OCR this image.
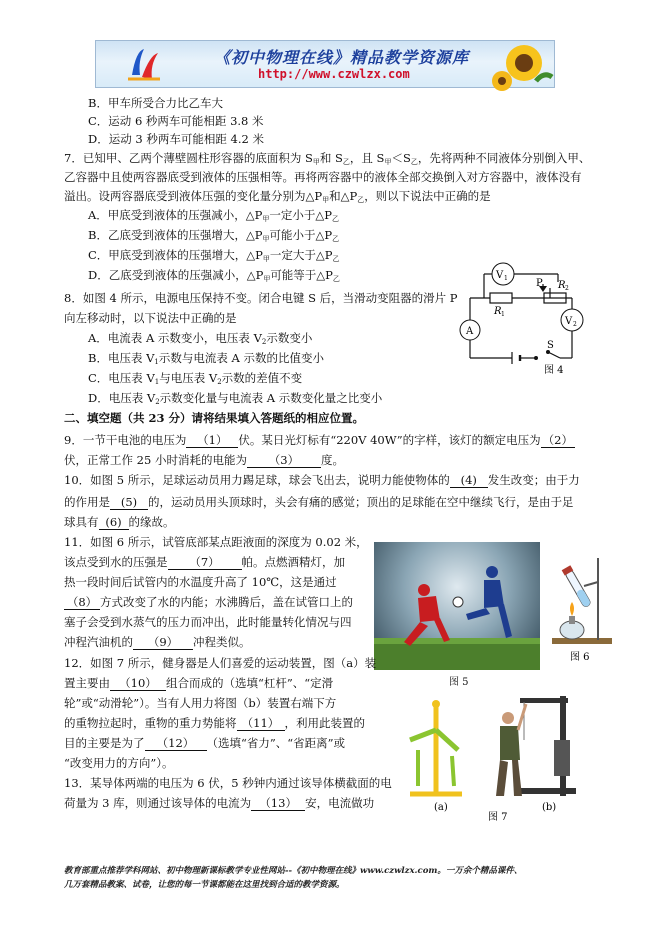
《初中物理在线》精品教学资源库
http://www.czwlzx.com
B．甲车所受合力比乙车大
C．运动 6 秒两车可能相距 3.8 米
D．运动 3 秒两车可能相距 4.2 米
7．已知甲、乙两个薄壁圆柱形容器的底面积为 $S_甲$和 $S_乙$，且 $S_甲<S_乙$，先将两种不同液体分别倒入甲、
乙容器中且使两容器底受到液体的压强相等。再将两容器中的液体全部交换倒入对方容器中，液体没有
溢出。设两容器底受到液体压强的变化量分别为$\triangle P_甲$和$\triangle P_乙$，则以下说法中正确的是
A．甲底受到液体的压强减小，$\triangle P_甲$一定小于$\triangle P_乙$
B．乙底受到液体的压强增大，$\triangle P_甲$可能小于$\triangle P_乙$
C．甲底受到液体的压强增大，$\triangle P_甲$一定大于$\triangle P_乙$
D．乙底受到液体的压强减小，$\triangle P_甲$可能等于$\triangle P_乙$
8．如图 4 所示，电源电压保持不变。闭合电键 S 后，当滑动变阻器的滑片 P
向左移动时，以下说法中正确的是
A．电流表 A 示数变小，电压表 $V_2$示数变小
B．电压表 $V_1$示数与电流表 A 示数的比值变小
C．电压表 $V_1$与电压表 $V_2$示数的差值不变
D．电压表 $V_2$示数变化量与电流表 A 示数变化量之比变小
V 1
V 2
A
R 1
R 2
P
S
图 4
二、填空题（共 23 分）请将结果填入答题纸的相应位置。
9．一节干电池的电压为 （1） 伏。某日光灯标有“220V 40W”的字样，该灯的额定电压为 （2）
伏，正常工作 25 小时消耗的电能为 （3） 度。
10．如图 5 所示，足球运动员用力踢足球，球会飞出去，说明力能使物体的 (4) 发生改变；由于力
的作用是 (5) 的，运动员用头顶球时，头会有痛的感觉；顶出的足球能在空中继续飞行，是由于足
球具有 (6) 的缘故。
11．如图 6 所示，试管底部某点距液面的深度为 0.02 米，
该点受到水的压强是 （7） 帕。点燃酒精灯，加
热一段时间后试管内的水温度升高了 10℃，这是通过
（8） 方式改变了水的内能；水沸腾后，盖在试管口上的
塞子会受到水蒸气的压力而冲出，此时能量转化情况与四
冲程汽油机的 （9） 冲程类似。
图 5
图 6
12．如图 7 所示，健身器是人们喜爱的运动装置，图（a）装
置主要由 （10） 组合而成的（选填“杠杆”、“定滑
轮”或“动滑轮”）。当有人用力将图（b）装置右端下方
的重物拉起时，重物的重力势能将 （11） ，利用此装置的
目的主要是为了 （12） （选填“省力”、“省距离”或
“改变用力的方向”）。
(a)	(b)
图 7
13．某导体两端的电压为 6 伏，5 秒钟内通过该导体横截面的电
荷量为 3 库，则通过该导体的电流为 （13） 安，电流做功
教育部重点推荐学科网站、初中物理新课标教学专业性网站--《初中物理在线》www.czwlzx.com。一万余个精品课件、
几万套精品教案、试卷，让您的每一节课都能在这里找到合适的教学资源。
